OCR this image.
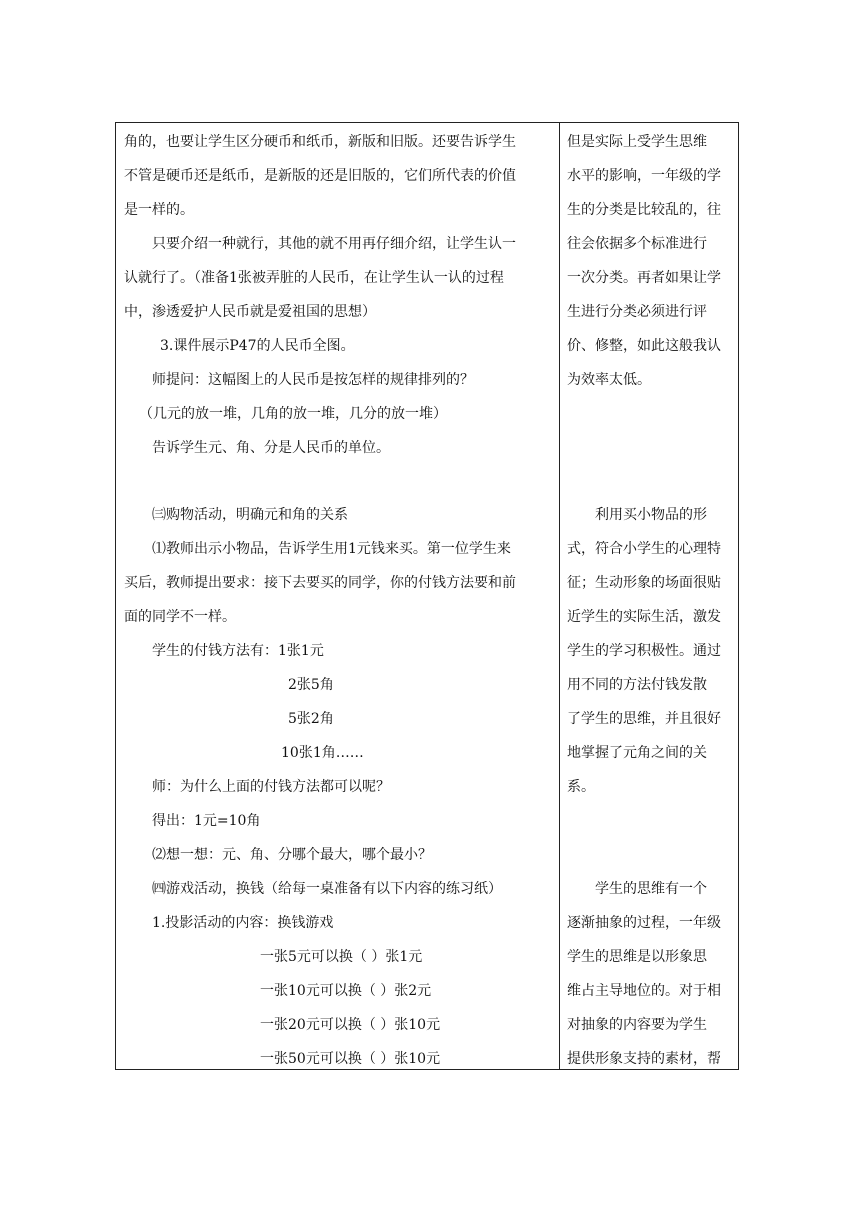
角的，也要让学生区分硬币和纸币，新版和旧版。还要告诉学生
不管是硬币还是纸币，是新版的还是旧版的，它们所代表的价值
是一样的。
只要介绍一种就行，其他的就不用再仔细介绍，让学生认一
认就行了。（准备1张被弄脏的人民币，在让学生认一认的过程
中，渗透爱护人民币就是爱祖国的思想）
3.课件展示P47的人民币全图。
师提问：这幅图上的人民币是按怎样的规律排列的？
（几元的放一堆，几角的放一堆，几分的放一堆）
告诉学生元、角、分是人民币的单位。
㈢购物活动，明确元和角的关系
⑴教师出示小物品，告诉学生用1元钱来买。第一位学生来
买后，教师提出要求：接下去要买的同学，你的付钱方法要和前
面的同学不一样。
学生的付钱方法有：1张1元
2张5角
5张2角
10张1角……
师：为什么上面的付钱方法都可以呢？
得出：1元=10角
⑵想一想：元、角、分哪个最大，哪个最小？
㈣游戏活动，换钱（给每一桌准备有以下内容的练习纸）
1.投影活动的内容：换钱游戏
一张5元可以换（ ）张1元
一张10元可以换（ ）张2元
一张20元可以换（ ）张10元
一张50元可以换（ ）张10元
但是实际上受学生思维
水平的影响，一年级的学
生的分类是比较乱的，往
往会依据多个标准进行
一次分类。再者如果让学
生进行分类必须进行评
价、修整，如此这般我认
为效率太低。
利用买小物品的形
式，符合小学生的心理特
征；生动形象的场面很贴
近学生的实际生活，激发
学生的学习积极性。通过
用不同的方法付钱发散
了学生的思维，并且很好
地掌握了元角之间的关
系。
学生的思维有一个
逐渐抽象的过程，一年级
学生的思维是以形象思
维占主导地位的。对于相
对抽象的内容要为学生
提供形象支持的素材，帮
